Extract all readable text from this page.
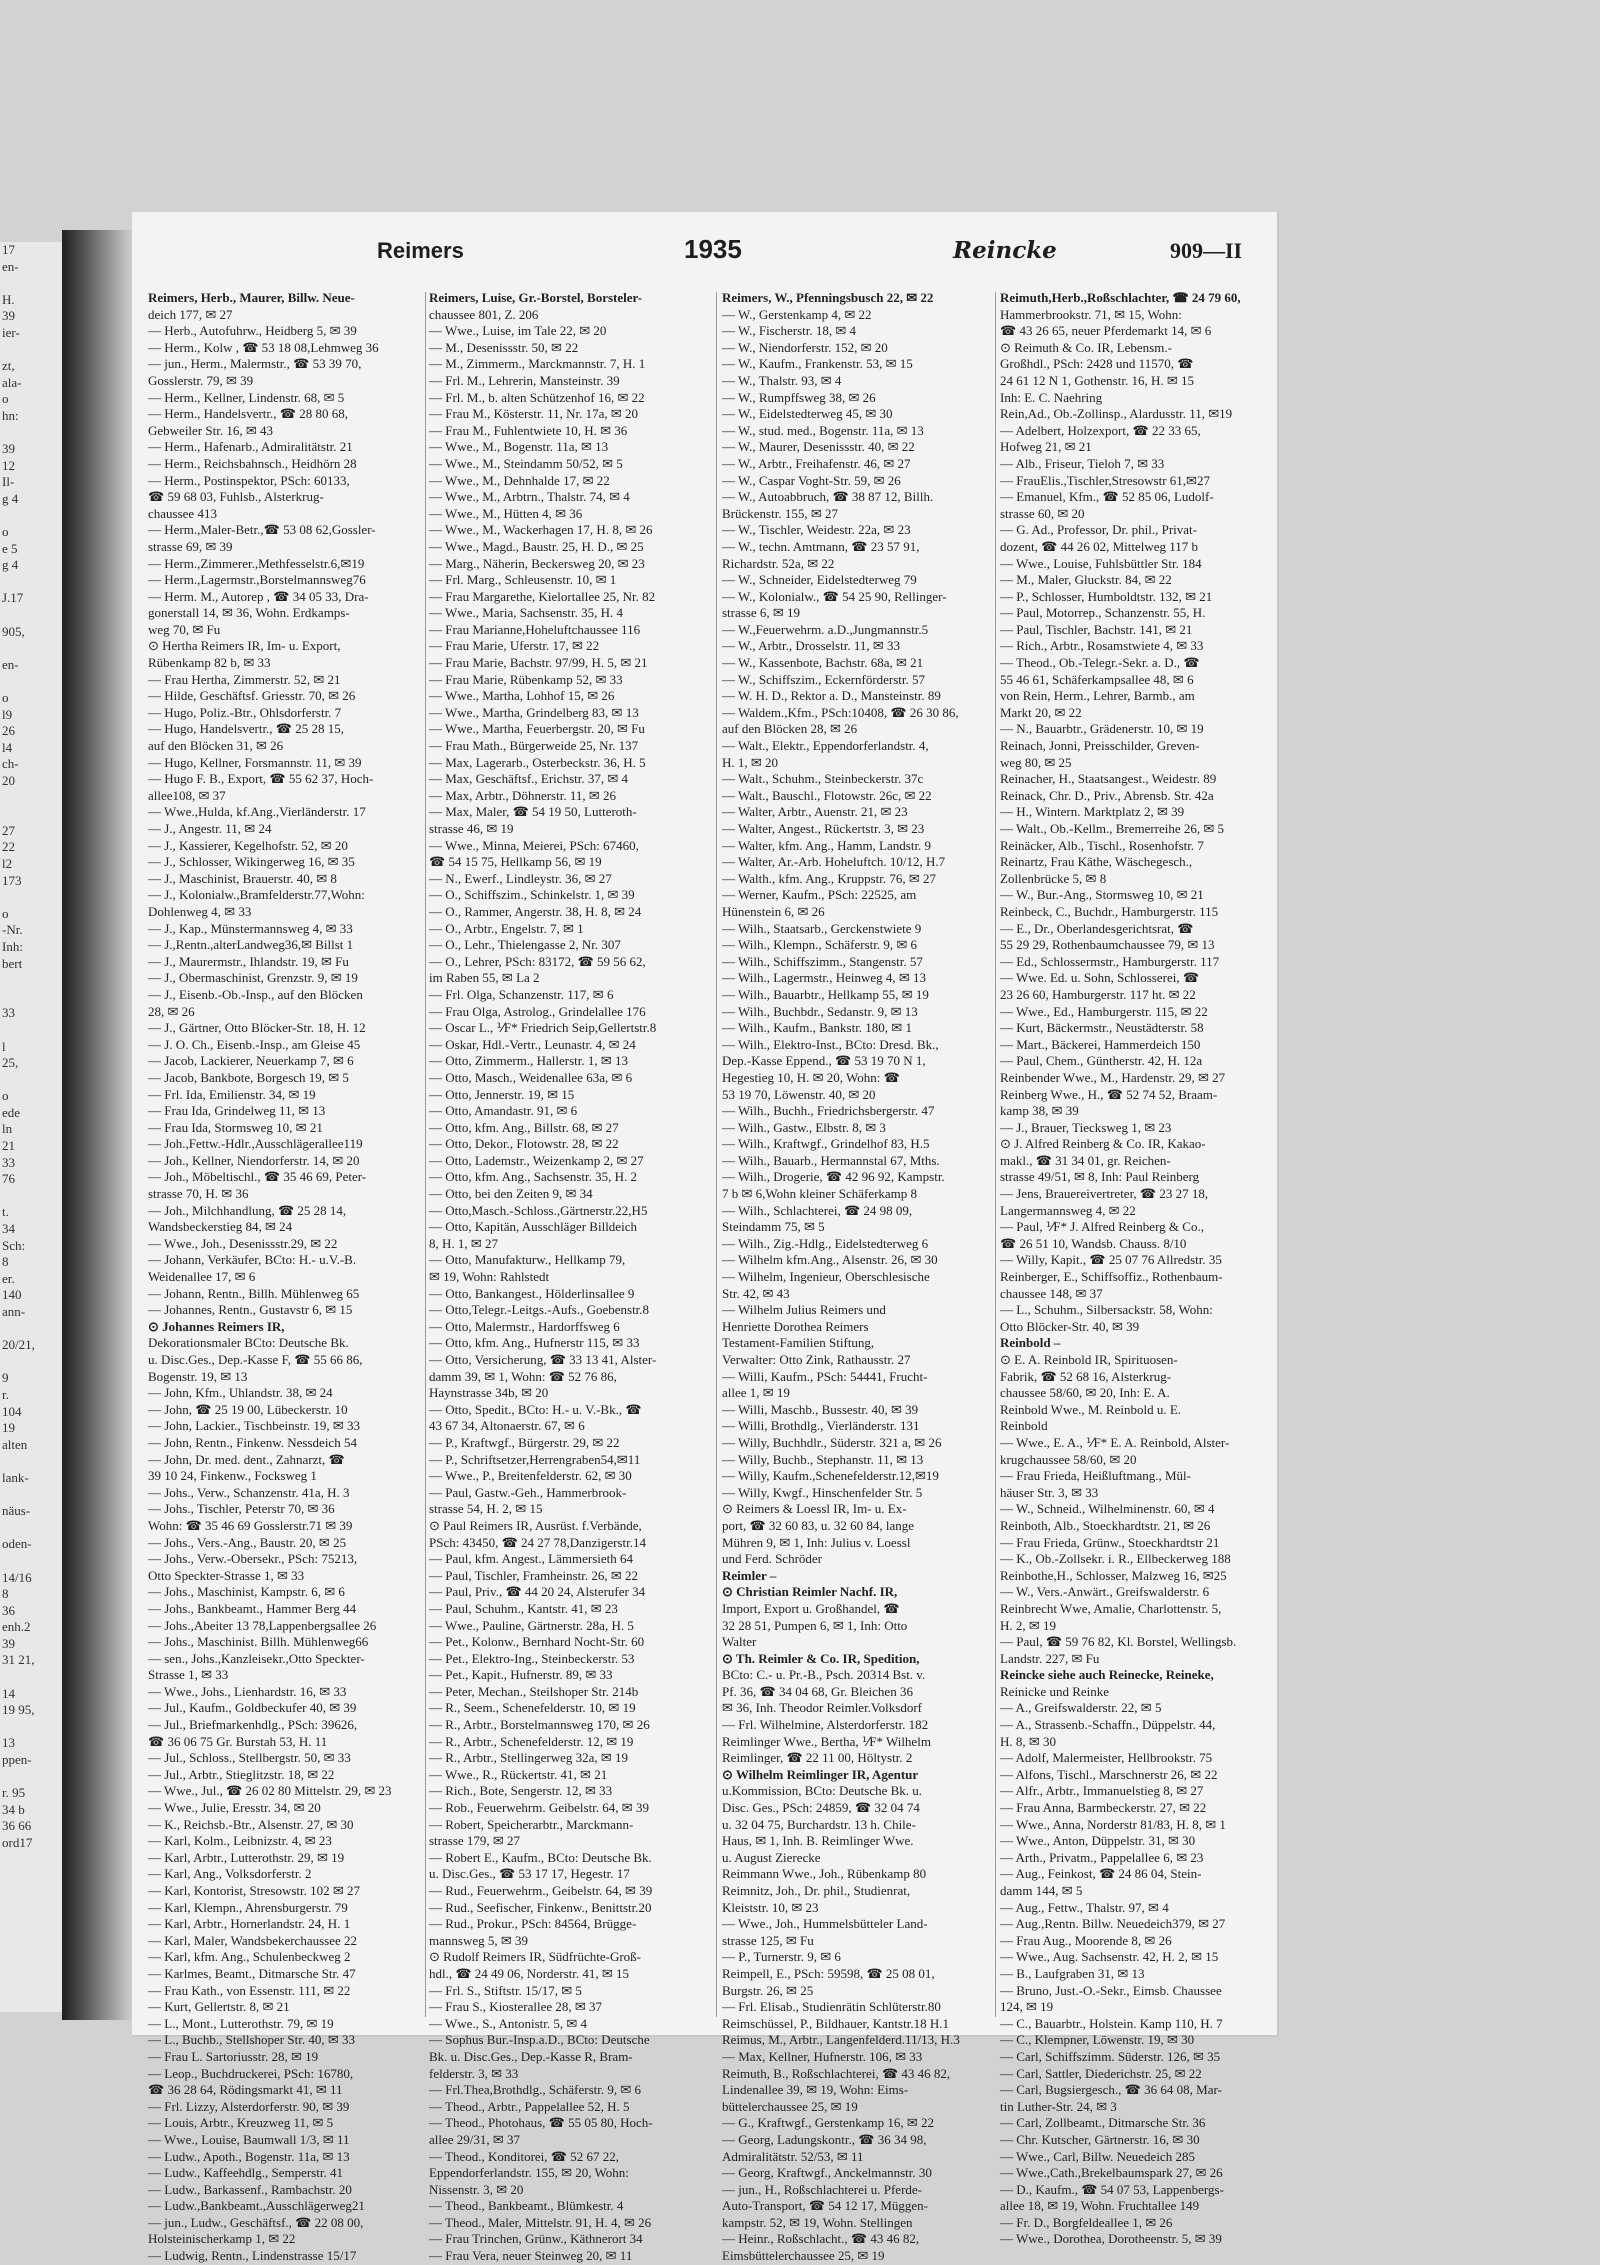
17
en-

H.
39
ier-

zt,
ala-
o
hn:

39
12
Il-
g 4

o
e 5
g 4

J.17

905,

en-

o
l9
26
l4
ch-
20

27
22
l2
173

o
-Nr.
Inh:
bert

33

l
25,

o
ede
ln
21
33
76

t.
34
Sch:
8
er.
140
ann-

20/21,

9
r.
104
19
alten

lank-

näus-

oden-

14/16
8
36
enh.2
39
31 21,

14
19 95,

13
ppen-

r. 95
34 b
36 66
ord17
Reimers	1935	Reincke	909—II
Reimers, Herb., Maurer, Billw. Neue-
deich 177, ✉ 27
— Herb., Autofuhrw., Heidberg 5, ✉ 39
— Herm., Kolw , ☎ 53 18 08,Lehmweg 36
— jun., Herm., Malermstr., ☎ 53 39 70,
Gosslerstr. 79, ✉ 39
— Herm., Kellner, Lindenstr. 68, ✉ 5
— Herm., Handelsvertr., ☎ 28 80 68,
Gebweiler Str. 16, ✉ 43
— Herm., Hafenarb., Admiralitätstr. 21
— Herm., Reichsbahnsch., Heidhörn 28
— Herm., Postinspektor, PSch: 60133,
☎ 59 68 03, Fuhlsb., Alsterkrug-
chaussee 413
— Herm.,Maler-Betr.,☎ 53 08 62,Gossler-
strasse 69, ✉ 39
— Herm.,Zimmerer.,Methfesselstr.6,✉19
— Herm.,Lagermstr.,Borstelmannsweg76
— Herm. M., Autorep , ☎ 34 05 33, Dra-
gonerstall 14, ✉ 36, Wohn. Erdkamps-
weg 70, ✉ Fu
⊙ Hertha Reimers IR, Im- u. Export,
Rübenkamp 82 b, ✉ 33
— Frau Hertha, Zimmerstr. 52, ✉ 21
— Hilde, Geschäftsf. Griesstr. 70, ✉ 26
— Hugo, Poliz.-Btr., Ohlsdorferstr. 7
— Hugo, Handelsvertr., ☎ 25 28 15,
auf den Blöcken 31, ✉ 26
— Hugo, Kellner, Forsmannstr. 11, ✉ 39
— Hugo F. B., Export, ☎ 55 62 37, Hoch-
allee108, ✉ 37
— Wwe.,Hulda, kf.Ang.,Vierländerstr. 17
— J., Angestr. 11, ✉ 24
— J., Kassierer, Kegelhofstr. 52, ✉ 20
— J., Schlosser, Wikingerweg 16, ✉ 35
— J., Maschinist, Brauerstr. 40, ✉ 8
— J., Kolonialw.,Bramfelderstr.77,Wohn:
Dohlenweg 4, ✉ 33
— J., Kap., Münstermannsweg 4, ✉ 33
— J.,Rentn.,alterLandweg36,✉ Billst 1
— J., Maurermstr., Ihlandstr. 19, ✉ Fu
— J., Obermaschinist, Grenzstr. 9, ✉ 19
— J., Eisenb.-Ob.-Insp., auf den Blöcken
28, ✉ 26
— J., Gärtner, Otto Blöcker-Str. 18, H. 12
— J. O. Ch., Eisenb.-Insp., am Gleise 45
— Jacob, Lackierer, Neuerkamp 7, ✉ 6
— Jacob, Bankbote, Borgesch 19, ✉ 5
— Frl. Ida, Emilienstr. 34, ✉ 19
— Frau Ida, Grindelweg 11, ✉ 13
— Frau Ida, Stormsweg 10, ✉ 21
— Joh.,Fettw.-Hdlr.,Ausschlägerallee119
— Joh., Kellner, Niendorferstr. 14, ✉ 20
— Joh., Möbeltischl., ☎ 35 46 69, Peter-
strasse 70, H. ✉ 36
— Joh., Milchhandlung, ☎ 25 28 14,
Wandsbeckerstieg 84, ✉ 24
— Wwe., Joh., Desenissstr.29, ✉ 22
— Johann, Verkäufer, BCto: H.- u.V.-B.
Weidenallee 17, ✉ 6
— Johann, Rentn., Billh. Mühlenweg 65
— Johannes, Rentn., Gustavstr 6, ✉ 15
⊙ Johannes Reimers IR,
Dekorationsmaler BCto: Deutsche Bk.
u. Disc.Ges., Dep.-Kasse F, ☎ 55 66 86,
Bogenstr. 19, ✉ 13
— John, Kfm., Uhlandstr. 38, ✉ 24
— John, ☎ 25 19 00, Lübeckerstr. 10
— John, Lackier., Tischbeinstr. 19, ✉ 33
— John, Rentn., Finkenw. Nessdeich 54
— John, Dr. med. dent., Zahnarzt, ☎
39 10 24, Finkenw., Focksweg 1
— Johs., Verw., Schanzenstr. 41a, H. 3
— Johs., Tischler, Peterstr 70, ✉ 36
Wohn: ☎ 35 46 69 Gosslerstr.71 ✉ 39
— Johs., Vers.-Ang., Baustr. 20, ✉ 25
— Johs., Verw.-Obersekr., PSch: 75213,
Otto Speckter-Strasse 1, ✉ 33
— Johs., Maschinist, Kampstr. 6, ✉ 6
— Johs., Bankbeamt., Hammer Berg 44
— Johs.,Abeiter 13 78,Lappenbergsallee 26
— Johs., Maschinist. Billh. Mühlenweg66
— sen., Johs.,Kanzleisekr.,Otto Speckter-
Strasse 1, ✉ 33
— Wwe., Johs., Lienhardstr. 16, ✉ 33
— Jul., Kaufm., Goldbeckufer 40, ✉ 39
— Jul., Briefmarkenhdlg., PSch: 39626,
☎ 36 06 75 Gr. Burstah 53, H. 11
— Jul., Schloss., Stellbergstr. 50, ✉ 33
— Jul., Arbtr., Stieglitzstr. 18, ✉ 22
— Wwe., Jul., ☎ 26 02 80 Mittelstr. 29, ✉ 23
— Wwe., Julie, Eresstr. 34, ✉ 20
— K., Reichsb.-Btr., Alsenstr. 27, ✉ 30
— Karl, Kolm., Leibnizstr. 4, ✉ 23
— Karl, Arbtr., Lutterothstr. 29, ✉ 19
— Karl, Ang., Volksdorferstr. 2
— Karl, Kontorist, Stresowstr. 102 ✉ 27
— Karl, Klempn., Ahrensburgerstr. 79
— Karl, Arbtr., Hornerlandstr. 24, H. 1
— Karl, Maler, Wandsbekerchaussee 22
— Karl, kfm. Ang., Schulenbeckweg 2
— Karlmes, Beamt., Ditmarsche Str. 47
— Frau Kath., von Essenstr. 111, ✉ 22
— Kurt, Gellertstr. 8, ✉ 21
— L., Mont., Lutterothstr. 79, ✉ 19
— L., Buchb., Stellshoper Str. 40, ✉ 33
— Frau L. Sartoriusstr. 28, ✉ 19
— Leop., Buchdruckerei, PSch: 16780,
☎ 36 28 64, Rödingsmarkt 41, ✉ 11
— Frl. Lizzy, Alsterdorferstr. 90, ✉ 39
— Louis, Arbtr., Kreuzweg 11, ✉ 5
— Wwe., Louise, Baumwall 1/3, ✉ 11
— Ludw., Apoth., Bogenstr. 11a, ✉ 13
— Ludw., Kaffeehdlg., Semperstr. 41
— Ludw., Barkassenf., Rambachstr. 20
— Ludw.,Bankbeamt.,Ausschlägerweg21
— jun., Ludw., Geschäftsf., ☎ 22 08 00,
Holsteinischerkamp 1, ✉ 22
— Ludwig, Rentn., Lindenstrasse 15/17
Reimers, Luise, Gr.-Borstel, Borsteler-
chaussee 801, Z. 206
— Wwe., Luise, im Tale 22, ✉ 20
— M., Desenissstr. 50, ✉ 22
— M., Zimmerm., Marckmannstr. 7, H. 1
— Frl. M., Lehrerin, Mansteinstr. 39
— Frl. M., b. alten Schützenhof 16, ✉ 22
— Frau M., Kösterstr. 11, Nr. 17a, ✉ 20
— Frau M., Fuhlentwiete 10, H. ✉ 36
— Wwe., M., Bogenstr. 11a, ✉ 13
— Wwe., M., Steindamm 50/52, ✉ 5
— Wwe., M., Dehnhalde 17, ✉ 22
— Wwe., M., Arbtrn., Thalstr. 74, ✉ 4
— Wwe., M., Hütten 4, ✉ 36
— Wwe., M., Wackerhagen 17, H. 8, ✉ 26
— Wwe., Magd., Baustr. 25, H. D., ✉ 25
— Marg., Näherin, Beckersweg 20, ✉ 23
— Frl. Marg., Schleusenstr. 10, ✉ 1
— Frau Margarethe, Kielortallee 25, Nr. 82
— Wwe., Maria, Sachsenstr. 35, H. 4
— Frau Marianne,Hoheluftchaussee 116
— Frau Marie, Uferstr. 17, ✉ 22
— Frau Marie, Bachstr. 97/99, H. 5, ✉ 21
— Frau Marie, Rübenkamp 52, ✉ 33
— Wwe., Martha, Lohhof 15, ✉ 26
— Wwe., Martha, Grindelberg 83, ✉ 13
— Wwe., Martha, Feuerbergstr. 20, ✉ Fu
— Frau Math., Bürgerweide 25, Nr. 137
— Max, Lagerarb., Osterbeckstr. 36, H. 5
— Max, Geschäftsf., Erichstr. 37, ✉ 4
— Max, Arbtr., Döhnerstr. 11, ✉ 26
— Max, Maler, ☎ 54 19 50, Lutteroth-
strasse 46, ✉ 19
— Wwe., Minna, Meierei, PSch: 67460,
☎ 54 15 75, Hellkamp 56, ✉ 19
— N., Ewerf., Lindleystr. 36, ✉ 27
— O., Schiffszim., Schinkelstr. 1, ✉ 39
— O., Rammer, Angerstr. 38, H. 8, ✉ 24
— O., Arbtr., Engelstr. 7, ✉ 1
— O., Lehr., Thielengasse 2, Nr. 307
— O., Lehrer, PSch: 83172, ☎ 59 56 62,
im Raben 55, ✉ La 2
— Frl. Olga, Schanzenstr. 117, ✉ 6
— Frau Olga, Astrolog., Grindelallee 176
— Oscar L., ⅟F* Friedrich Seip,Gellertstr.8
— Oskar, Hdl.-Vertr., Leunastr. 4, ✉ 24
— Otto, Zimmerm., Hallerstr. 1, ✉ 13
— Otto, Masch., Weidenallee 63a, ✉ 6
— Otto, Jennerstr. 19, ✉ 15
— Otto, Amandastr. 91, ✉ 6
— Otto, kfm. Ang., Billstr. 68, ✉ 27
— Otto, Dekor., Flotowstr. 28, ✉ 22
— Otto, Lademstr., Weizenkamp 2, ✉ 27
— Otto, kfm. Ang., Sachsenstr. 35, H. 2
— Otto, bei den Zeiten 9, ✉ 34
— Otto,Masch.-Schloss.,Gärtnerstr.22,H5
— Otto, Kapitän, Ausschläger Billdeich
8, H. 1, ✉ 27
— Otto, Manufakturw., Hellkamp 79,
✉ 19, Wohn: Rahlstedt
— Otto, Bankangest., Hölderlinsallee 9
— Otto,Telegr.-Leitgs.-Aufs., Goebenstr.8
— Otto, Malermstr., Hardorffsweg 6
— Otto, kfm. Ang., Hufnerstr 115, ✉ 33
— Otto, Versicherung, ☎ 33 13 41, Alster-
damm 39, ✉ 1, Wohn: ☎ 52 76 86,
Haynstrasse 34b, ✉ 20
— Otto, Spedit., BCto: H.- u. V.-Bk., ☎
43 67 34, Altonaerstr. 67, ✉ 6
— P., Kraftwgf., Bürgerstr. 29, ✉ 22
— P., Schriftsetzer,Herrengraben54,✉11
— Wwe., P., Breitenfelderstr. 62, ✉ 30
— Paul, Gastw.-Geh., Hammerbrook-
strasse 54, H. 2, ✉ 15
⊙ Paul Reimers IR, Ausrüst. f.Verbände,
PSch: 43450, ☎ 24 27 78,Danzigerstr.14
— Paul, kfm. Angest., Lämmersieth 64
— Paul, Tischler, Framheinstr. 26, ✉ 22
— Paul, Priv., ☎ 44 20 24, Alsterufer 34
— Paul, Schuhm., Kantstr. 41, ✉ 23
— Wwe., Pauline, Gärtnerstr. 28a, H. 5
— Pet., Kolonw., Bernhard Nocht-Str. 60
— Pet., Elektro-Ing., Steinbeckerstr. 53
— Pet., Kapit., Hufnerstr. 89, ✉ 33
— Peter, Mechan., Steilshoper Str. 214b
— R., Seem., Schenefelderstr. 10, ✉ 19
— R., Arbtr., Borstelmannsweg 170, ✉ 26
— R., Arbtr., Schenefelderstr. 12, ✉ 19
— R., Arbtr., Stellingerweg 32a, ✉ 19
— Wwe., R., Rückertstr. 41, ✉ 21
— Rich., Bote, Sengerstr. 12, ✉ 33
— Rob., Feuerwehrm. Geibelstr. 64, ✉ 39
— Robert, Speicherarbtr., Marckmann-
strasse 179, ✉ 27
— Robert E., Kaufm., BCto: Deutsche Bk.
u. Disc.Ges., ☎ 53 17 17, Hegestr. 17
— Rud., Feuerwehrm., Geibelstr. 64, ✉ 39
— Rud., Seefischer, Finkenw., Benittstr.20
— Rud., Prokur., PSch: 84564, Brügge-
mannsweg 5, ✉ 39
⊙ Rudolf Reimers IR, Südfrüchte-Groß-
hdl., ☎ 24 49 06, Norderstr. 41, ✉ 15
— Frl. S., Stiftstr. 15/17, ✉ 5
— Frau S., Kiosterallee 28, ✉ 37
— Wwe., S., Antonistr. 5, ✉ 4
— Sophus Bur.-Insp.a.D., BCto: Deutsche
Bk. u. Disc.Ges., Dep.-Kasse R, Bram-
felderstr. 3, ✉ 33
— Frl.Thea,Brothdlg., Schäferstr. 9, ✉ 6
— Theod., Arbtr., Pappelallee 52, H. 5
— Theod., Photohaus, ☎ 55 05 80, Hoch-
allee 29/31, ✉ 37
— Theod., Konditorei, ☎ 52 67 22,
Eppendorferlandstr. 155, ✉ 20, Wohn:
Nissenstr. 3, ✉ 20
— Theod., Bankbeamt., Blümkestr. 4
— Theod., Maler, Mittelstr. 91, H. 4, ✉ 26
— Frau Trinchen, Grünw., Käthnerort 34
— Frau Vera, neuer Steinweg 20, ✉ 11
Reimers, W., Pfenningsbusch 22, ✉ 22
— W., Gerstenkamp 4, ✉ 22
— W., Fischerstr. 18, ✉ 4
— W., Niendorferstr. 152, ✉ 20
— W., Kaufm., Frankenstr. 53, ✉ 15
— W., Thalstr. 93, ✉ 4
— W., Rumpffsweg 38, ✉ 26
— W., Eidelstedterweg 45, ✉ 30
— W., stud. med., Bogenstr. 11a, ✉ 13
— W., Maurer, Desenissstr. 40, ✉ 22
— W., Arbtr., Freihafenstr. 46, ✉ 27
— W., Caspar Voght-Str. 59, ✉ 26
— W., Autoabbruch, ☎ 38 87 12, Billh.
Brückenstr. 155, ✉ 27
— W., Tischler, Weidestr. 22a, ✉ 23
— W., techn. Amtmann, ☎ 23 57 91,
Richardstr. 52a, ✉ 22
— W., Schneider, Eidelstedterweg 79
— W., Kolonialw., ☎ 54 25 90, Rellinger-
strasse 6, ✉ 19
— W.,Feuerwehrm. a.D.,Jungmannstr.5
— W., Arbtr., Drosselstr. 11, ✉ 33
— W., Kassenbote, Bachstr. 68a, ✉ 21
— W., Schiffszim., Eckernförderstr. 57
— W. H. D., Rektor a. D., Mansteinstr. 89
— Waldem.,Kfm., PSch:10408, ☎ 26 30 86,
auf den Blöcken 28, ✉ 26
— Walt., Elektr., Eppendorferlandstr. 4,
H. 1, ✉ 20
— Walt., Schuhm., Steinbeckerstr. 37c
— Walt., Bauschl., Flotowstr. 26c, ✉ 22
— Walter, Arbtr., Auenstr. 21, ✉ 23
— Walter, Angest., Rückertstr. 3, ✉ 23
— Walter, kfm. Ang., Hamm, Landstr. 9
— Walter, Ar.-Arb. Hoheluftch. 10/12, H.7
— Walth., kfm. Ang., Kruppstr. 76, ✉ 27
— Werner, Kaufm., PSch: 22525, am
Hünenstein 6, ✉ 26
— Wilh., Staatsarb., Gerckenstwiete 9
— Wilh., Klempn., Schäferstr. 9, ✉ 6
— Wilh., Schiffszimm., Stangenstr. 57
— Wilh., Lagermstr., Heinweg 4, ✉ 13
— Wilh., Bauarbtr., Hellkamp 55, ✉ 19
— Wilh., Buchbdr., Sedanstr. 9, ✉ 13
— Wilh., Kaufm., Bankstr. 180, ✉ 1
— Wilh., Elektro-Inst., BCto: Dresd. Bk.,
Dep.-Kasse Eppend., ☎ 53 19 70 N 1,
Hegestieg 10, H. ✉ 20, Wohn: ☎
53 19 70, Löwenstr. 40, ✉ 20
— Wilh., Buchh., Friedrichsbergerstr. 47
— Wilh., Gastw., Elbstr. 8, ✉ 3
— Wilh., Kraftwgf., Grindelhof 83, H.5
— Wilh., Bauarb., Hermannstal 67, Mths.
— Wilh., Drogerie, ☎ 42 96 92, Kampstr.
7 b ✉ 6,Wohn kleiner Schäferkamp 8
— Wilh., Schlachterei, ☎ 24 98 09,
Steindamm 75, ✉ 5
— Wilh., Zig.-Hdlg., Eidelstedterweg 6
— Wilhelm kfm.Ang., Alsenstr. 26, ✉ 30
— Wilhelm, Ingenieur, Oberschlesische
Str. 42, ✉ 43
— Wilhelm Julius Reimers und
Henriette Dorothea Reimers
Testament-Familien Stiftung,
Verwalter: Otto Zink, Rathausstr. 27
— Willi, Kaufm., PSch: 54441, Frucht-
allee 1, ✉ 19
— Willi, Maschb., Bussestr. 40, ✉ 39
— Willi, Brothdlg., Vierländerstr. 131
— Willy, Buchhdlr., Süderstr. 321 a, ✉ 26
— Willy, Buchb., Stephanstr. 11, ✉ 13
— Willy, Kaufm.,Schenefelderstr.12,✉19
— Willy, Kwgf., Hinschenfelder Str. 5
⊙ Reimers & Loessl IR, Im- u. Ex-
port, ☎ 32 60 83, u. 32 60 84, lange
Mühren 9, ✉ 1, Inh: Julius v. Loessl
und Ferd. Schröder
Reimler –
⊙ Christian Reimler Nachf. IR,
Import, Export u. Großhandel, ☎
32 28 51, Pumpen 6, ✉ 1, Inh: Otto
Walter
⊙ Th. Reimler & Co. IR, Spedition,
BCto: C.- u. Pr.-B., Psch. 20314 Bst. v.
Pf. 36, ☎ 34 04 68, Gr. Bleichen 36
✉ 36, Inh. Theodor Reimler.Volksdorf
— Frl. Wilhelmine, Alsterdorferstr. 182
Reimlinger Wwe., Bertha, ⅟F* Wilhelm
Reimlinger, ☎ 22 11 00, Höltystr. 2
⊙ Wilhelm Reimlinger IR, Agentur
u.Kommission, BCto: Deutsche Bk. u.
Disc. Ges., PSch: 24859, ☎ 32 04 74
u. 32 04 75, Burchardstr. 13 h. Chile-
Haus, ✉ 1, Inh. B. Reimlinger Wwe.
u. August Zierecke
Reimmann Wwe., Joh., Rübenkamp 80
Reimnitz, Joh., Dr. phil., Studienrat,
Kleiststr. 10, ✉ 23
— Wwe., Joh., Hummelsbütteler Land-
strasse 125, ✉ Fu
— P., Turnerstr. 9, ✉ 6
Reimpell, E., PSch: 59598, ☎ 25 08 01,
Burgstr. 26, ✉ 25
— Frl. Elisab., Studienrätin Schlüterstr.80
Reimschüssel, P., Bildhauer, Kantstr.18 H.1
Reimus, M., Arbtr., Langenfelderd.11/13, H.3
— Max, Kellner, Hufnerstr. 106, ✉ 33
Reimuth, B., Roßschlachterei, ☎ 43 46 82,
Lindenallee 39, ✉ 19, Wohn: Eims-
büttelerchaussee 25, ✉ 19
— G., Kraftwgf., Gerstenkamp 16, ✉ 22
— Georg, Ladungskontr., ☎ 36 34 98,
Admiralitätstr. 52/53, ✉ 11
— Georg, Kraftwgf., Anckelmannstr. 30
— jun., H., Roßschlachterei u. Pferde-
Auto-Transport, ☎ 54 12 17, Müggen-
kampstr. 52, ✉ 19, Wohn. Stellingen
— Heinr., Roßschlacht., ☎ 43 46 82,
Eimsbüttelerchaussee 25, ✉ 19
Reimuth,Herb.,Roßschlachter, ☎ 24 79 60,
Hammerbrookstr. 71, ✉ 15, Wohn:
☎ 43 26 65, neuer Pferdemarkt 14, ✉ 6
⊙ Reimuth & Co. IR, Lebensm.-
Großhdl., PSch: 2428 und 11570, ☎
24 61 12 N 1, Gothenstr. 16, H. ✉ 15
Inh: E. C. Naehring
Rein,Ad., Ob.-Zollinsp., Alardusstr. 11, ✉19
— Adelbert, Holzexport, ☎ 22 33 65,
Hofweg 21, ✉ 21
— Alb., Friseur, Tieloh 7, ✉ 33
— FrauElis.,Tischler,Stresowstr 61,✉27
— Emanuel, Kfm., ☎ 52 85 06, Ludolf-
strasse 60, ✉ 20
— G. Ad., Professor, Dr. phil., Privat-
dozent, ☎ 44 26 02, Mittelweg 117 b
— Wwe., Louise, Fuhlsbüttler Str. 184
— M., Maler, Gluckstr. 84, ✉ 22
— P., Schlosser, Humboldtstr. 132, ✉ 21
— Paul, Motorrep., Schanzenstr. 55, H.
— Paul, Tischler, Bachstr. 141, ✉ 21
— Rich., Arbtr., Rosamstwiete 4, ✉ 33
— Theod., Ob.-Telegr.-Sekr. a. D., ☎
55 46 61, Schäferkampsallee 48, ✉ 6
von Rein, Herm., Lehrer, Barmb., am
Markt 20, ✉ 22
— N., Bauarbtr., Grädenerstr. 10, ✉ 19
Reinach, Jonni, Preisschilder, Greven-
weg 80, ✉ 25
Reinacher, H., Staatsangest., Weidestr. 89
Reinack, Chr. D., Priv., Abrensb. Str. 42a
— H., Wintern. Marktplatz 2, ✉ 39
— Walt., Ob.-Kellm., Bremerreihe 26, ✉ 5
Reinäcker, Alb., Tischl., Rosenhofstr. 7
Reinartz, Frau Käthe, Wäschegesch.,
Zollenbrücke 5, ✉ 8
— W., Bur.-Ang., Stormsweg 10, ✉ 21
Reinbeck, C., Buchdr., Hamburgerstr. 115
— E., Dr., Oberlandesgerichtsrat, ☎
55 29 29, Rothenbaumchaussee 79, ✉ 13
— Ed., Schlossermstr., Hamburgerstr. 117
— Wwe. Ed. u. Sohn, Schlosserei, ☎
23 26 60, Hamburgerstr. 117 ht. ✉ 22
— Wwe., Ed., Hamburgerstr. 115, ✉ 22
— Kurt, Bäckermstr., Neustädterstr. 58
— Mart., Bäckerei, Hammerdeich 150
— Paul, Chem., Güntherstr. 42, H. 12a
Reinbender Wwe., M., Hardenstr. 29, ✉ 27
Reinberg Wwe., H., ☎ 52 74 52, Braam-
kamp 38, ✉ 39
— J., Brauer, Tiecksweg 1, ✉ 23
⊙ J. Alfred Reinberg & Co. IR, Kakao-
makl., ☎ 31 34 01, gr. Reichen-
strasse 49/51, ✉ 8, Inh: Paul Reinberg
— Jens, Brauereivertreter, ☎ 23 27 18,
Langermannsweg 4, ✉ 22
— Paul, ⅟F* J. Alfred Reinberg & Co.,
☎ 26 51 10, Wandsb. Chauss. 8/10
— Willy, Kapit., ☎ 25 07 76 Allredstr. 35
Reinberger, E., Schiffsoffiz., Rothenbaum-
chaussee 148, ✉ 37
— L., Schuhm., Silbersackstr. 58, Wohn:
Otto Blöcker-Str. 40, ✉ 39
Reinbold –
⊙ E. A. Reinbold IR, Spirituosen-
Fabrik, ☎ 52 68 16, Alsterkrug-
chaussee 58/60, ✉ 20, Inh: E. A.
Reinbold Wwe., M. Reinbold u. E.
Reinbold
— Wwe., E. A., ⅟F* E. A. Reinbold, Alster-
krugchaussee 58/60, ✉ 20
— Frau Frieda, Heißluftmang., Mül-
häuser Str. 3, ✉ 33
— W., Schneid., Wilhelminenstr. 60, ✉ 4
Reinboth, Alb., Stoeckhardtstr. 21, ✉ 26
— Frau Frieda, Grünw., Stoeckhardtstr 21
— K., Ob.-Zollsekr. i. R., Ellbeckerweg 188
Reinbothe,H., Schlosser, Malzweg 16, ✉25
— W., Vers.-Anwärt., Greifswalderstr. 6
Reinbrecht Wwe, Amalie, Charlottenstr. 5,
H. 2, ✉ 19
— Paul, ☎ 59 76 82, Kl. Borstel, Wellingsb.
Landstr. 227, ✉ Fu
Reincke siehe auch Reinecke, Reineke,
Reinicke und Reinke
— A., Greifswalderstr. 22, ✉ 5
— A., Strassenb.-Schaffn., Düppelstr. 44,
H. 8, ✉ 30
— Adolf, Malermeister, Hellbrookstr. 75
— Alfons, Tischl., Marschnerstr 26, ✉ 22
— Alfr., Arbtr., Immanuelstieg 8, ✉ 27
— Frau Anna, Barmbeckerstr. 27, ✉ 22
— Wwe., Anna, Norderstr 81/83, H. 8, ✉ 1
— Wwe., Anton, Düppelstr. 31, ✉ 30
— Arth., Privatm., Pappelallee 6, ✉ 23
— Aug., Feinkost, ☎ 24 86 04, Stein-
damm 144, ✉ 5
— Aug., Fettw., Thalstr. 97, ✉ 4
— Aug.,Rentn. Billw. Neuedeich379, ✉ 27
— Frau Aug., Moorende 8, ✉ 26
— Wwe., Aug. Sachsenstr. 42, H. 2, ✉ 15
— B., Laufgraben 31, ✉ 13
— Bruno, Just.-O.-Sekr., Eimsb. Chaussee
124, ✉ 19
— C., Bauarbtr., Holstein. Kamp 110, H. 7
— C., Klempner, Löwenstr. 19, ✉ 30
— Carl, Schiffszimm. Süderstr. 126, ✉ 35
— Carl, Sattler, Diederichstr. 25, ✉ 22
— Carl, Bugsiergesch., ☎ 36 64 08, Mar-
tin Luther-Str. 24, ✉ 3
— Carl, Zollbeamt., Ditmarsche Str. 36
— Chr. Kutscher, Gärtnerstr. 16, ✉ 30
— Wwe., Carl, Billw. Neuedeich 285
— Wwe.,Cath.,Brekelbaumspark 27, ✉ 26
— D., Kaufm., ☎ 54 07 53, Lappenbergs-
allee 18, ✉ 19, Wohn. Fruchtallee 149
— Fr. D., Borgfeldeallee 1, ✉ 26
— Wwe., Dorothea, Dorotheenstr. 5, ✉ 39
